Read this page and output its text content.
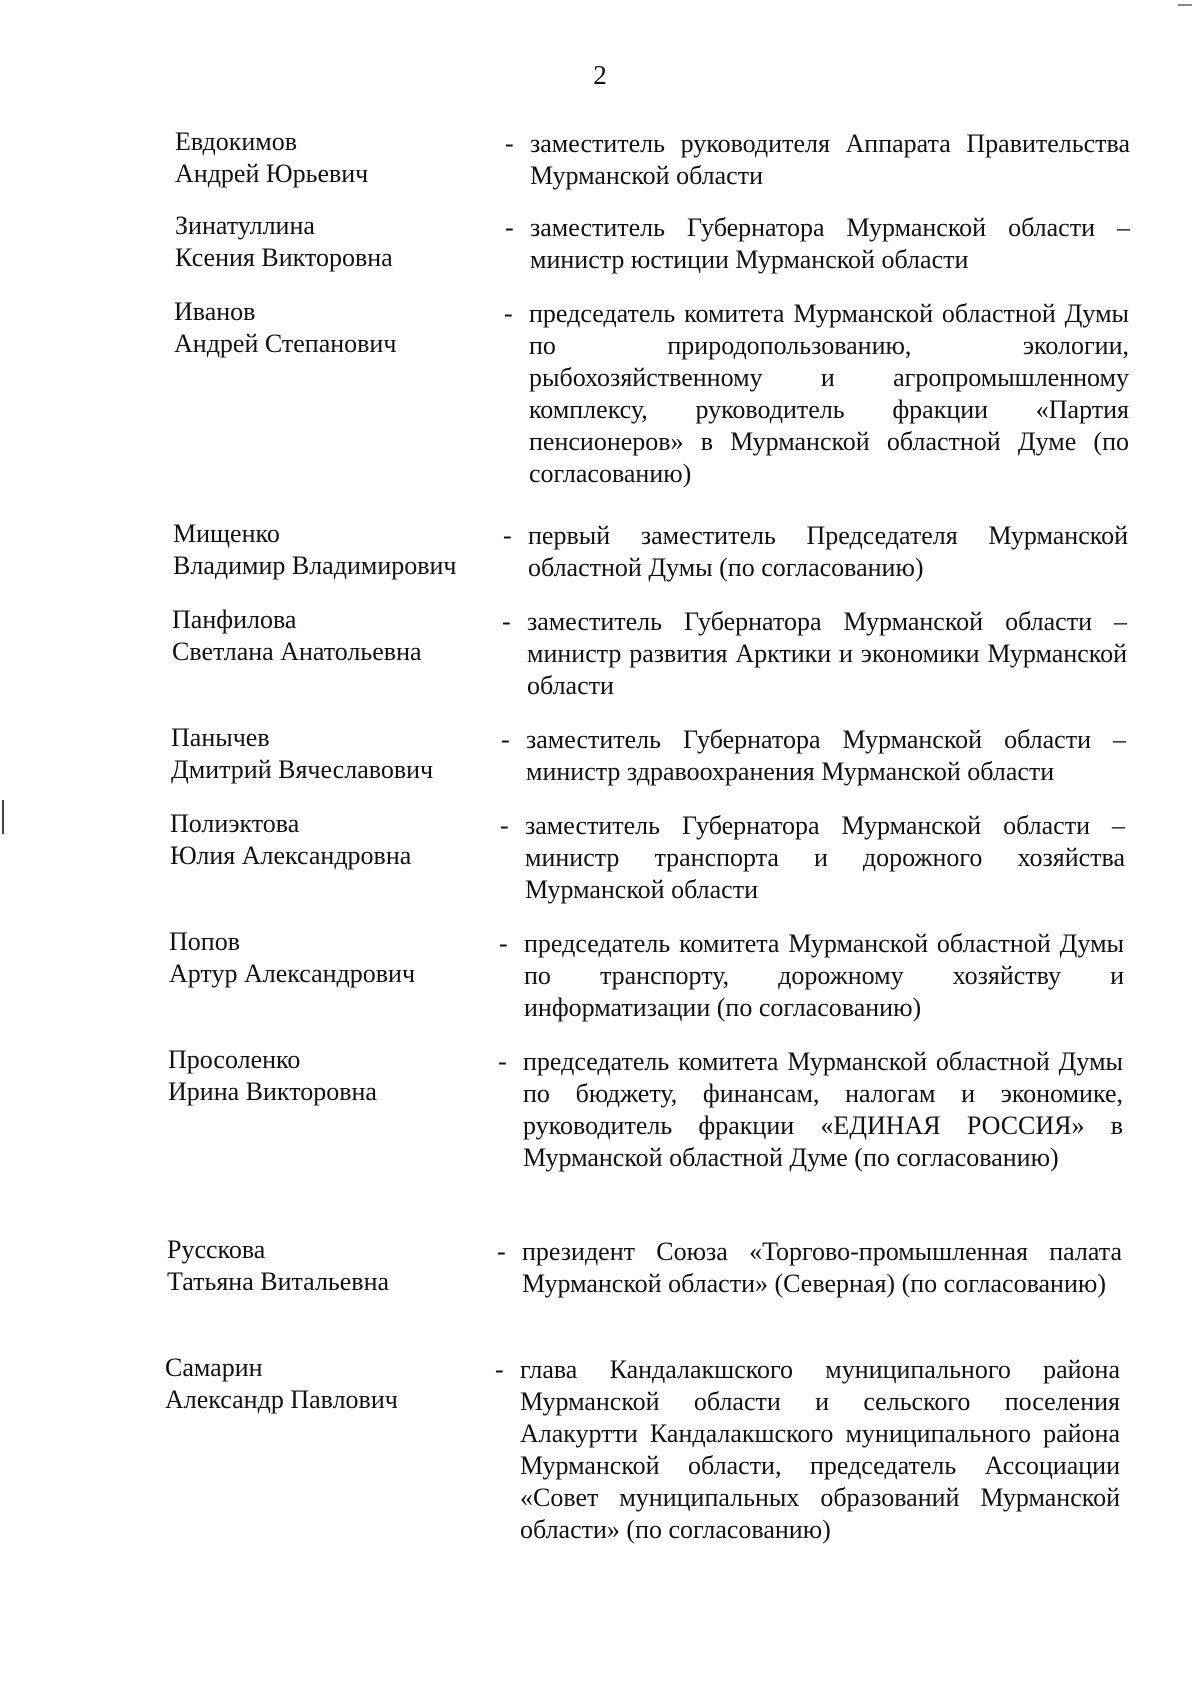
2
Евдокимов
Андрей Юрьевич
- заместитель руководителя Аппарата Правительства Мурманской области
Зинатуллина
Ксения Викторовна
- заместитель Губернатора Мурманской области – министр юстиции Мурманской области
Иванов
Андрей Степанович
- председатель комитета Мурманской областной Думы по природопользованию, экологии, рыбохозяйственному и агропромышленному комплексу, руководитель фракции «Партия пенсионеров» в Мурманской областной Думе (по согласованию)
Мищенко
Владимир Владимирович
- первый заместитель Председателя Мурманской областной Думы (по согласованию)
Панфилова
Светлана Анатольевна
- заместитель Губернатора Мурманской области – министр развития Арктики и экономики Мурманской области
Панычев
Дмитрий Вячеславович
- заместитель Губернатора Мурманской области – министр здравоохранения Мурманской области
Полиэктова
Юлия Александровна
- заместитель Губернатора Мурманской области – министр транспорта и дорожного хозяйства Мурманской области
Попов
Артур Александрович
- председатель комитета Мурманской областной Думы по транспорту, дорожному хозяйству и информатизации (по согласованию)
Просоленко
Ирина Викторовна
- председатель комитета Мурманской областной Думы по бюджету, финансам, налогам и экономике, руководитель фракции «ЕДИНАЯ РОССИЯ» в Мурманской областной Думе (по согласованию)
Русскова
Татьяна Витальевна
- президент Союза «Торгово-промышленная палата Мурманской области» (Северная) (по согласованию)
Самарин
Александр Павлович
- глава Кандалакшского муниципального района Мурманской области и сельского поселения Алакуртти Кандалакшского муниципального района Мурманской области, председатель Ассоциации «Совет муниципальных образований Мурманской области» (по согласованию)
